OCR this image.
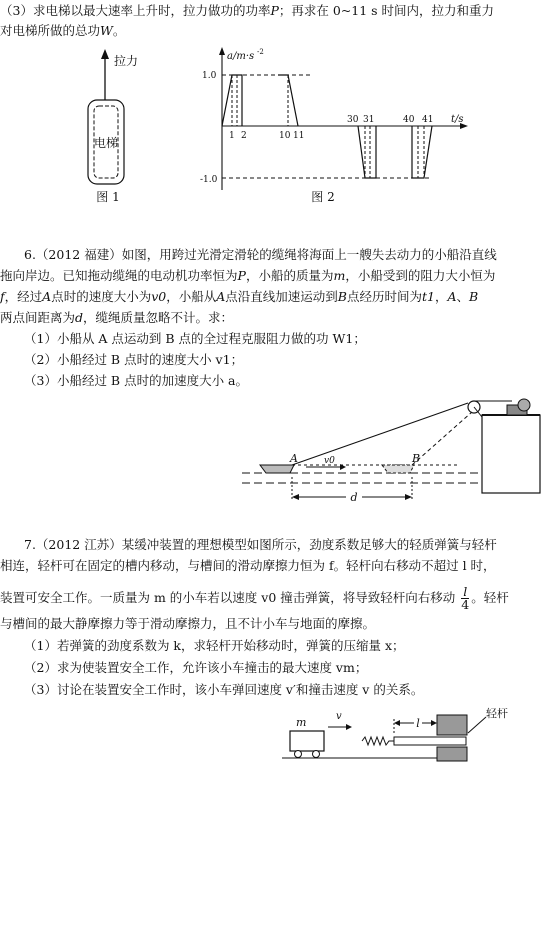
（3）求电梯以最大速率上升时，拉力做功的功率P；再求在 0~11 s 时间内，拉力和重力
对电梯所做的总功W。
拉力
电梯
图 1
a/m·s -2
t/s
1.0
-1.0
1 2	10 11
30 31	40 41
图 2
6.（2012 福建）如图，用跨过光滑定滑轮的缆绳将海面上一艘失去动力的小船沿直线
拖向岸边。已知拖动缆绳的电动机功率恒为P，小船的质量为m，小船受到的阻力大小恒为
f，经过A点时的速度大小为v0，小船从A点沿直线加速运动到B点经历时间为t1，A、B
两点间距离为d，缆绳质量忽略不计。求：
（1）小船从 A 点运动到 B 点的全过程克服阻力做的功 W1；
（2）小船经过 B 点时的速度大小 v1；
（3）小船经过 B 点时的加速度大小 a。
A	B
v0
d
7.（2012 江苏）某缓冲装置的理想模型如图所示，劲度系数足够大的轻质弹簧与轻杆
相连，轻杆可在固定的槽内移动，与槽间的滑动摩擦力恒为 f。轻杆向右移动不超过 l 时，
装置可安全工作。一质量为 m 的小车若以速度 v0 撞击弹簧，将导致轻杆向右移动 $\frac{l}{4}$ 。轻杆
与槽间的最大静摩擦力等于滑动摩擦力，且不计小车与地面的摩擦。
（1）若弹簧的劲度系数为 k，求轻杆开始移动时，弹簧的压缩量 x；
（2）求为使装置安全工作，允许该小车撞击的最大速度 vm；
（3）讨论在装置安全工作时，该小车弹回速度 v′和撞击速度 v 的关系。
m	v
l
轻杆
